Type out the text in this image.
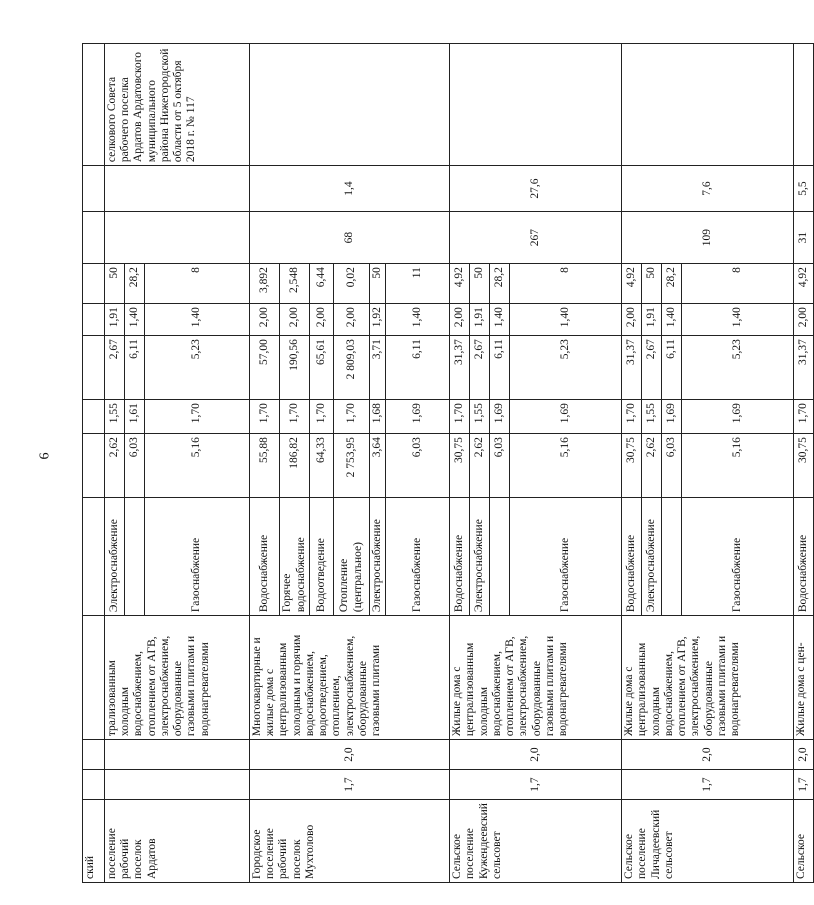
6
ский												
поселение рабочий поселок Ардатов			трализованным холодным водоснабжением, отоплением от АГВ, электроснабжением, оборудованные газовыми плитами и водонагревателями	Электроснабжение	2,62	1,55	2,67	1,91	50			селкового Совета рабочего поселка Ардатов Ардатовского муниципального района Нижегородской области от 5 октября 2018 г. № 117
					6,03	1,61	6,11	1,40	28,2			
				Газоснабжение	5,16	1,70	5,23	1,40	8			
Городское поселение рабочий поселок Мухтолово	1,7	2,0	Многоквартирные и жилые дома с централизованным холодным и горячим водоснабжением, водоотведением, отоплением, электроснабжением, оборудованные газовыми плитами	Водоснабжение	55,88	1,70	57,00	2,00	3,892	68	1,4	
				Горячее водоснабжение	186,82	1,70	190,56	2,00	2,548			
				Водоотведение	64,33	1,70	65,61	2,00	6,44			
				Отопление (централъное)	2 753,95	1,70	2 809,03	2,00	0,02			
				Электроснабжение	3,64	1,68	3,71	1,92	50			
				Газоснабжение	6,03	1,69	6,11	1,40	11			
Сельское поселение Кужендеевский сельсовет	1,7	2,0	Жилые дома с централизованным холодным водоснабжением, отоплением от АГВ, электроснабжением, оборудованные газовыми плитами и водонагревателями	Водоснабжение	30,75	1,70	31,37	2,00	4,92	267	27,6	
				Электроснабжение	2,62	1,55	2,67	1,91	50			
					6,03	1,69	6,11	1,40	28,2			
				Газоснабжение	5,16	1,69	5,23	1,40	8			
Сельское поселение Личадеевский сельсовет	1,7	2,0	Жилые дома с централизованным холодным водоснабжением, отоплением от АГВ, электроснабжением, оборудованные газовыми плитами и водонагревателями	Водоснабжение	30,75	1,70	31,37	2,00	4,92	109	7,6	
				Электроснабжение	2,62	1,55	2,67	1,91	50			
					6,03	1,69	6,11	1,40	28,2			
				Газоснабжение	5,16	1,69	5,23	1,40	8			
Сельское	1,7	2,0	Жилые дома с цен-	Водоснабжение	30,75	1,70	31,37	2,00	4,92	31	5,5	
